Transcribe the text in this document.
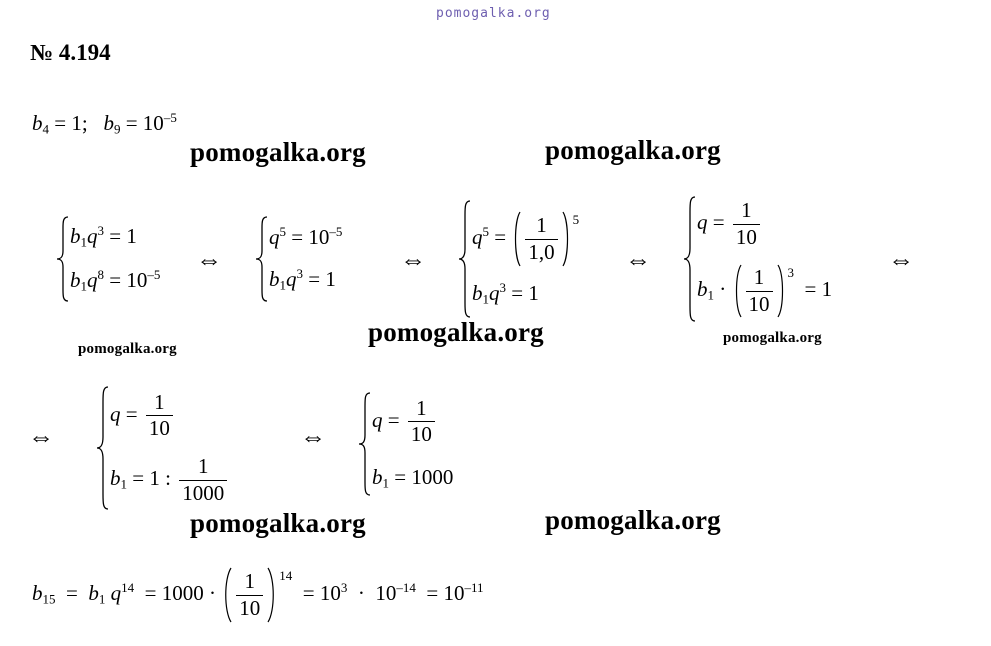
pomogalka.org
№ 4.194
$b_4 = 1$; $b_9 = 10^{-5}$
$b_1q^3 = 1$
$b_1q^8 = 10^{-5}$
⇔
$q^5 = 10^{-5}$
$b_1q^3 = 1$
⇔
$q^5 = \frac{1}{1,0} 5$
$b_1q^3 = 1$
⇔
$q = \frac{1}{10}$
$b_1 \cdot \frac{1}{10} 3$
= 1
⇔
⇔
$q = \frac{1}{10}$
$b_1 = 1$ : $\frac{1}{1000}$
⇔
$q = \frac{1}{10}$
$b_1 = 1000$
$b_{15} = b_1$ $q^{14} = 1000 \cdot \frac{1}{10} 14$
= $10^3 \cdot 10^{-14} = 10^{-11}$
pomogalka.org	pomogalka.org
pomogalka.org
pomogalka.org
pomogalka.org
pomogalka.org	pomogalka.org
